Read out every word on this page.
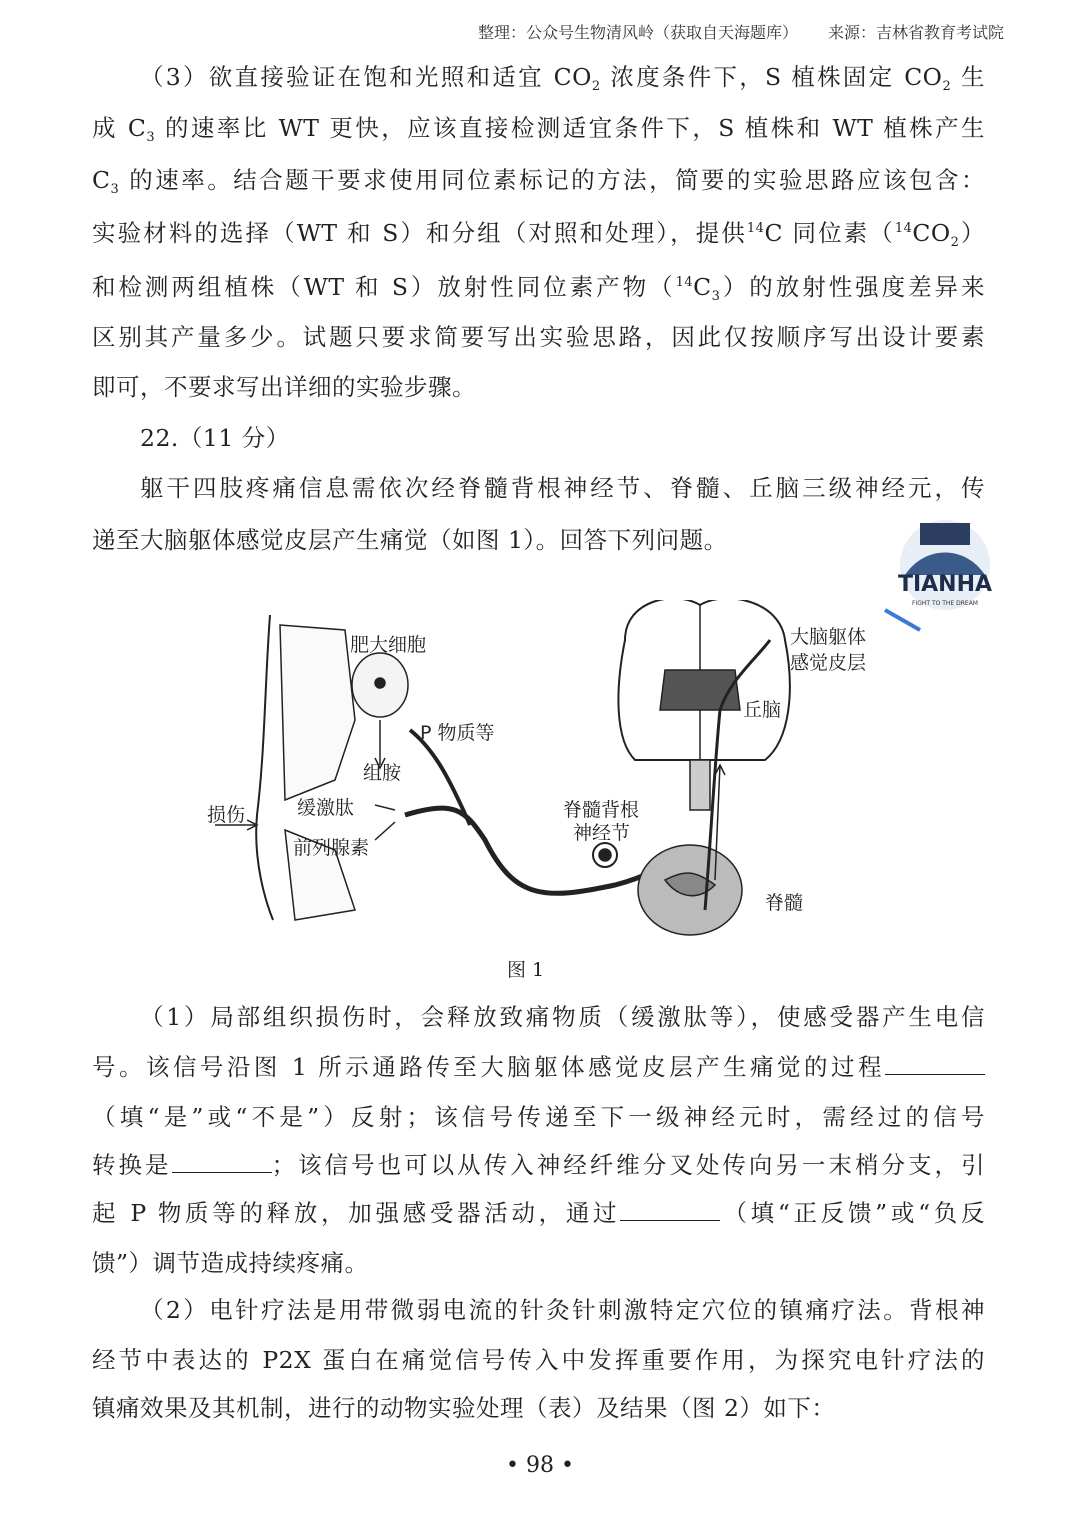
整理：公众号生物清风岭（获取自天海题库） 来源：吉林省教育考试院
（3）欲直接验证在饱和光照和适宜 $CO_2$ 浓度条件下，S 植株固定 $CO_2$ 生
成 $C_3$ 的速率比 WT 更快，应该直接检测适宜条件下，S 植株和 WT 植株产生
$C_3$ 的速率。结合题干要求使用同位素标记的方法，简要的实验思路应该包含：
实验材料的选择（WT 和 S）和分组（对照和处理），提供$^{14}$C 同位素$(^{14}CO_2)$
和检测两组植株（WT 和 S）放射性同位素产物$(^{14}C_3)$的放射性强度差异来
区别其产量多少。试题只要求简要写出实验思路，因此仅按顺序写出设计要素
即可，不要求写出详细的实验步骤。
22.（11 分）
躯干四肢疼痛信息需依次经脊髓背根神经节、脊髓、丘脑三级神经元，传
递至大脑躯体感觉皮层产生痛觉（如图 1）。回答下列问题。
（1）局部组织损伤时，会释放致痛物质（缓激肽等），使感受器产生电信
号。该信号沿图 1 所示通路传至大脑躯体感觉皮层产生痛觉的过程
（填“是”或“不是”）反射；该信号传递至下一级神经元时，需经过的信号
转换是	；该信号也可以从传入神经纤维分叉处传向另一末梢分支，引
起 P 物质等的释放，加强感受器活动，通过	（填“正反馈”或“负反
馈”）调节造成持续疼痛。
（2）电针疗法是用带微弱电流的针灸针刺激特定穴位的镇痛疗法。背根神
经节中表达的 P2X 蛋白在痛觉信号传入中发挥重要作用，为探究电针疗法的
镇痛效果及其机制，进行的动物实验处理（表）及结果（图 2）如下：
肥大细胞
P 物质等
组胺
缓激肽
前列腺素
损伤	脊髓背根
神经节
脊髓
大脑躯体
感觉皮层
丘脑
图 1
TIANHA
FIGHT TO THE DREAM
• 98 •
